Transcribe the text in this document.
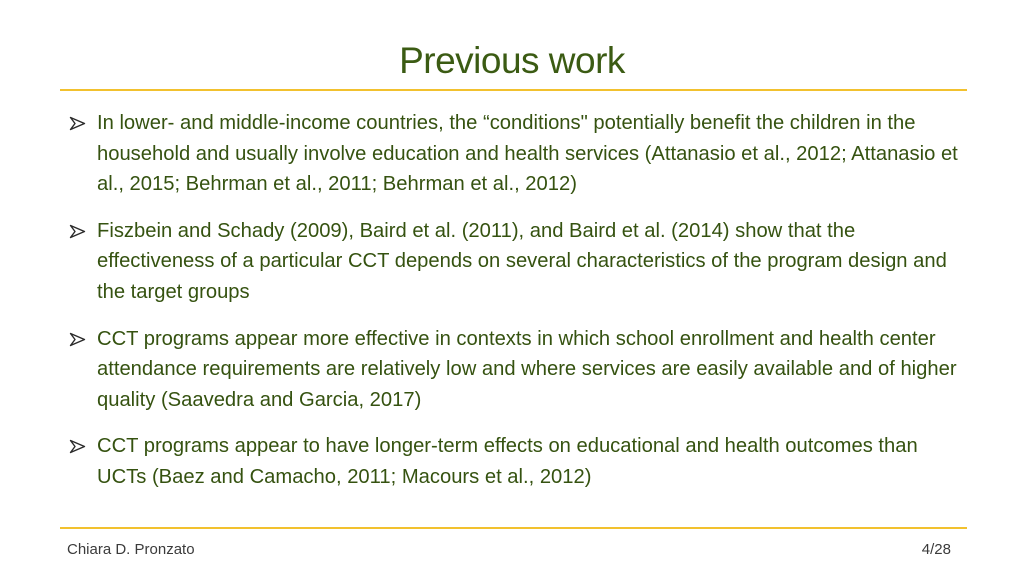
Previous work
In lower- and middle-income countries, the “conditions" potentially benefit the children in the household and usually involve education and health services (Attanasio et al., 2012; Attanasio et al., 2015; Behrman et al., 2011; Behrman et al., 2012)
Fiszbein and Schady (2009), Baird et al. (2011), and Baird et al. (2014) show that the effectiveness of a particular CCT depends on several characteristics of the program design and the target groups
CCT programs appear more effective in contexts in which school enrollment and health center attendance requirements are relatively low and where services are easily available and of higher quality (Saavedra and Garcia, 2017)
CCT programs appear to have longer-term effects on educational and health outcomes than UCTs (Baez and Camacho, 2011; Macours et al., 2012)
Chiara D. Pronzato	4/28
